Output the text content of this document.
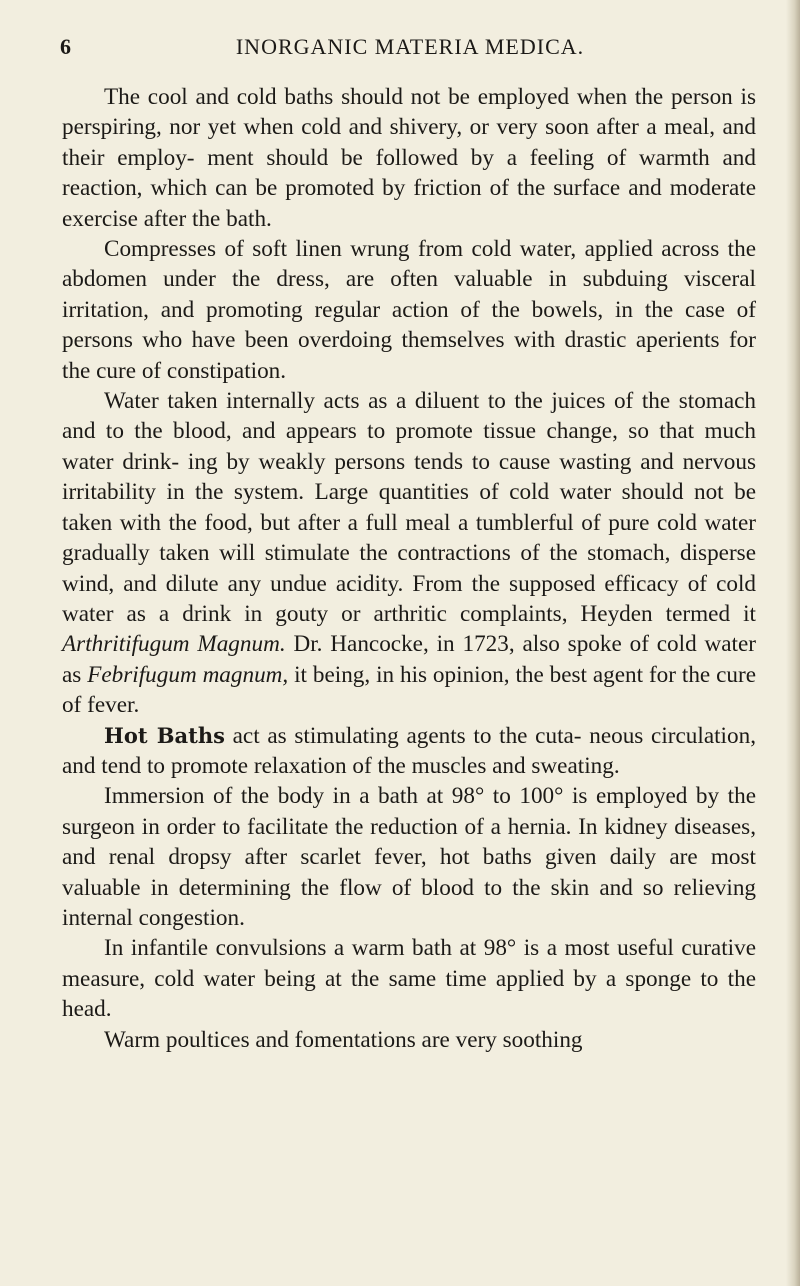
6	INORGANIC MATERIA MEDICA.

The cool and cold baths should not be employed when the person is perspiring, nor yet when cold and shivery, or very soon after a meal, and their employ- ment should be followed by a feeling of warmth and reaction, which can be promoted by friction of the surface and moderate exercise after the bath.

Compresses of soft linen wrung from cold water, applied across the abdomen under the dress, are often valuable in subduing visceral irritation, and promoting regular action of the bowels, in the case of persons who have been overdoing themselves with drastic aperients for the cure of constipation.

Water taken internally acts as a diluent to the juices of the stomach and to the blood, and appears to promote tissue change, so that much water drink- ing by weakly persons tends to cause wasting and nervous irritability in the system. Large quantities of cold water should not be taken with the food, but after a full meal a tumblerful of pure cold water gradually taken will stimulate the contractions of the stomach, disperse wind, and dilute any undue acidity. From the supposed efficacy of cold water as a drink in gouty or arthritic complaints, Heyden termed it Arthritifugum Magnum. Dr. Hancocke, in 1723, also spoke of cold water as Febrifugum magnum, it being, in his opinion, the best agent for the cure of fever.

Hot Baths act as stimulating agents to the cuta- neous circulation, and tend to promote relaxation of the muscles and sweating.

Immersion of the body in a bath at 98° to 100° is employed by the surgeon in order to facilitate the reduction of a hernia. In kidney diseases, and renal dropsy after scarlet fever, hot baths given daily are most valuable in determining the flow of blood to the skin and so relieving internal congestion.

In infantile convulsions a warm bath at 98° is a most useful curative measure, cold water being at the same time applied by a sponge to the head.

Warm poultices and fomentations are very soothing
